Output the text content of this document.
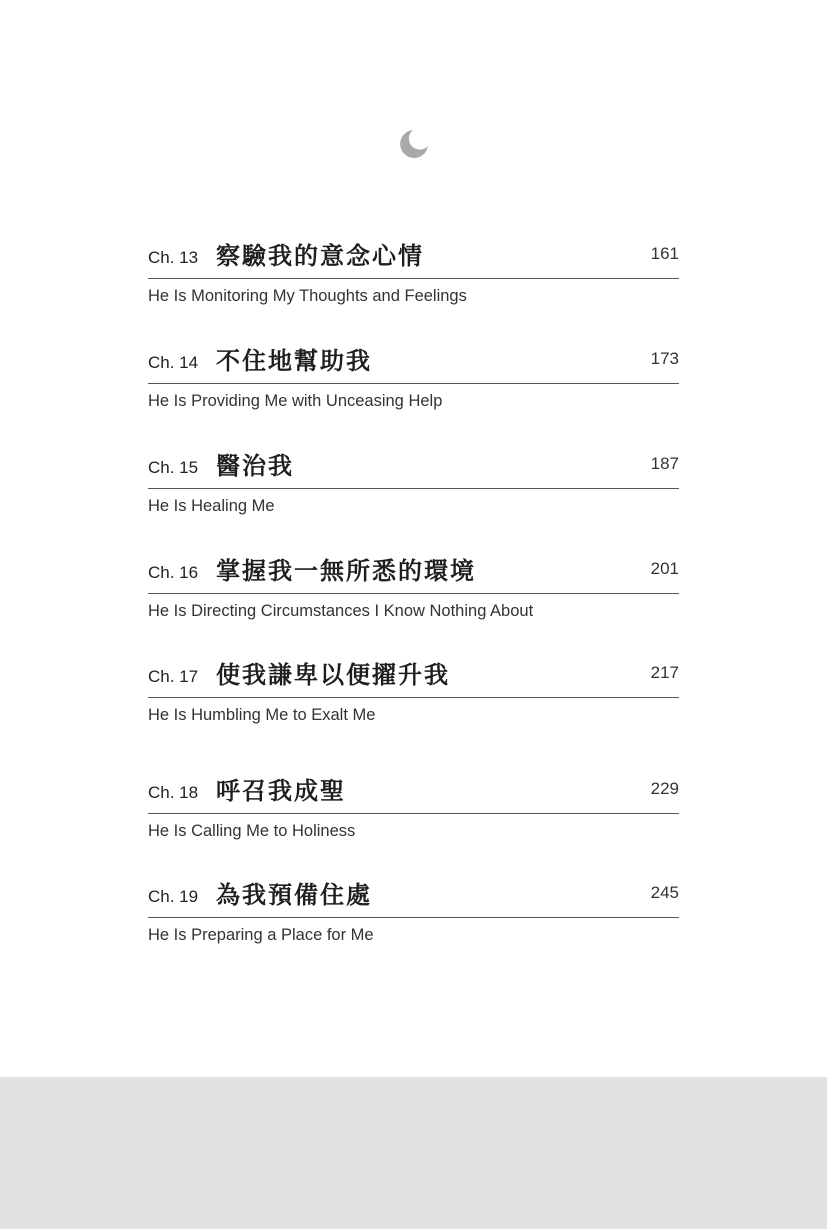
Ch. 13 察驗我的意念心情	161
He Is Monitoring My Thoughts and Feelings
Ch. 14 不住地幫助我	173
He Is Providing Me with Unceasing Help
Ch. 15 醫治我	187
He Is Healing Me
Ch. 16 掌握我一無所悉的環境	201
He Is Directing Circumstances I Know Nothing About
Ch. 17 使我謙卑以便擢升我	217
He Is Humbling Me to Exalt Me
Ch. 18 呼召我成聖	229
He Is Calling Me to Holiness
Ch. 19 為我預備住處	245
He Is Preparing a Place for Me
